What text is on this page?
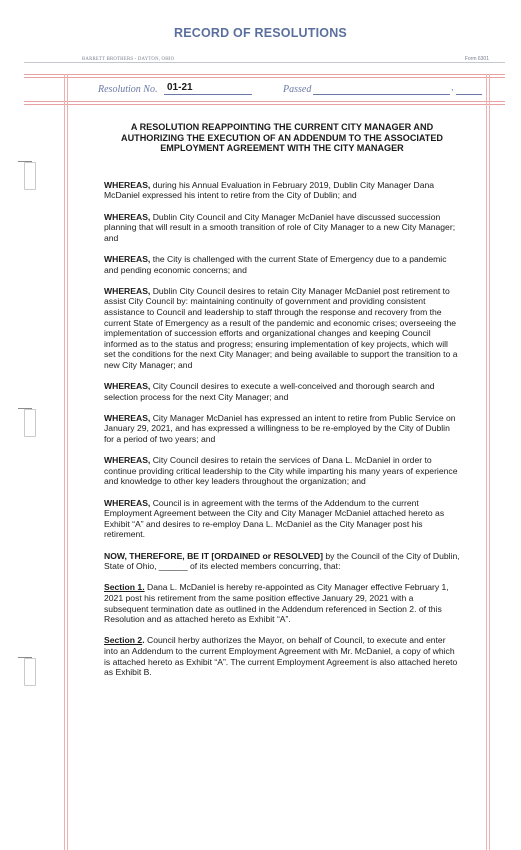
RECORD OF RESOLUTIONS
BARRETT BROTHERS - DAYTON, OHIO	Form 6301
Resolution No. 01-21	Passed	,
A RESOLUTION REAPPOINTING THE CURRENT CITY MANAGER AND AUTHORIZING THE EXECUTION OF AN ADDENDUM TO THE ASSOCIATED EMPLOYMENT AGREEMENT WITH THE CITY MANAGER

WHEREAS, during his Annual Evaluation in February 2019, Dublin City Manager Dana McDaniel expressed his intent to retire from the City of Dublin; and

WHEREAS, Dublin City Council and City Manager McDaniel have discussed succession planning that will result in a smooth transition of role of City Manager to a new City Manager; and

WHEREAS, the City is challenged with the current State of Emergency due to a pandemic and pending economic concerns; and

WHEREAS, Dublin City Council desires to retain City Manager McDaniel post retirement to assist City Council by: maintaining continuity of government and providing consistent assistance to Council and leadership to staff through the response and recovery from the current State of Emergency as a result of the pandemic and economic crises; overseeing the implementation of succession efforts and organizational changes and keeping Council informed as to the status and progress; ensuring implementation of key projects, which will set the conditions for the next City Manager; and being available to support the transition to a new City Manager; and

WHEREAS, City Council desires to execute a well-conceived and thorough search and selection process for the next City Manager; and

WHEREAS, City Manager McDaniel has expressed an intent to retire from Public Service on January 29, 2021, and has expressed a willingness to be re-employed by the City of Dublin for a period of two years; and

WHEREAS, City Council desires to retain the services of Dana L. McDaniel in order to continue providing critical leadership to the City while imparting his many years of experience and knowledge to other key leaders throughout the organization; and

WHEREAS, Council is in agreement with the terms of the Addendum to the current Employment Agreement between the City and City Manager McDaniel attached hereto as Exhibit “A” and desires to re-employ Dana L. McDaniel as the City Manager post his retirement.

NOW, THEREFORE, BE IT [ORDAINED or RESOLVED] by the Council of the City of Dublin, State of Ohio, ______ of its elected members concurring, that:

Section 1. Dana L. McDaniel is hereby re-appointed as City Manager effective February 1, 2021 post his retirement from the same position effective January 29, 2021 with a subsequent termination date as outlined in the Addendum referenced in Section 2. of this Resolution and as attached hereto as Exhibit “A”.

Section 2. Council herby authorizes the Mayor, on behalf of Council, to execute and enter into an Addendum to the current Employment Agreement with Mr. McDaniel, a copy of which is attached hereto as Exhibit “A”. The current Employment Agreement is also attached hereto as Exhibit B.
